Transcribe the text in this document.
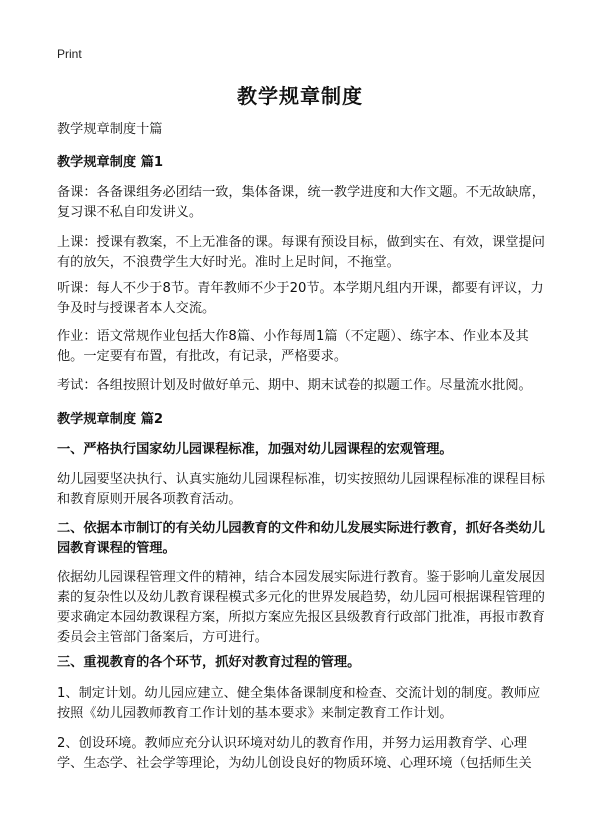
Print
教学规章制度
教学规章制度十篇
教学规章制度 篇1
备课：各备课组务必团结一致，集体备课，统一教学进度和大作文题。不无故缺席，复习课不私自印发讲义。
上课：授课有教案，不上无准备的课。每课有预设目标，做到实在、有效，课堂提问有的放矢，不浪费学生大好时光。准时上足时间，不拖堂。
听课：每人不少于8节。青年教师不少于20节。本学期凡组内开课，都要有评议，力争及时与授课者本人交流。
作业：语文常规作业包括大作8篇、小作每周1篇（不定题）、练字本、作业本及其他。一定要有布置，有批改，有记录，严格要求。
考试：各组按照计划及时做好单元、期中、期末试卷的拟题工作。尽量流水批阅。
教学规章制度 篇2
一、严格执行国家幼儿园课程标准，加强对幼儿园课程的宏观管理。
幼儿园要坚决执行、认真实施幼儿园课程标准，切实按照幼儿园课程标准的课程目标和教育原则开展各项教育活动。
二、依据本市制订的有关幼儿园教育的文件和幼儿发展实际进行教育，抓好各类幼儿园教育课程的管理。
依据幼儿园课程管理文件的精神，结合本园发展实际进行教育。鉴于影响儿童发展因素的复杂性以及幼儿教育课程模式多元化的世界发展趋势，幼儿园可根据课程管理的要求确定本园幼教课程方案，所拟方案应先报区县级教育行政部门批准，再报市教育委员会主管部门备案后，方可进行。
三、重视教育的各个环节，抓好对教育过程的管理。
1、制定计划。幼儿园应建立、健全集体备课制度和检查、交流计划的制度。教师应按照《幼儿园教师教育工作计划的基本要求》来制定教育工作计划。
2、创设环境。教师应充分认识环境对幼儿的教育作用，并努力运用教育学、心理学、生态学、社会学等理论，为幼儿创设良好的物质环境、心理环境（包括师生关
